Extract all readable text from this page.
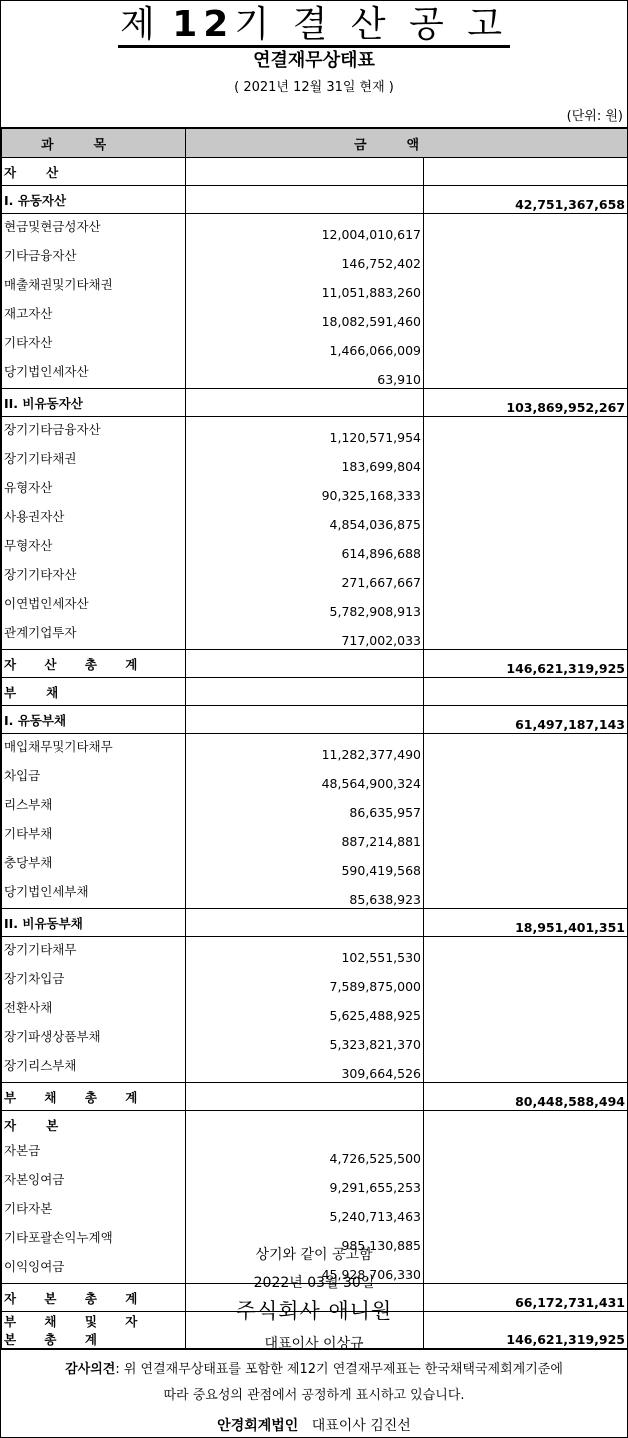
제 12기 결 산 공 고
연결재무상태표
( 2021년 12월 31일 현재 )
(단위: 원)
과목	금액	
자산		
I. 유동자산		42,751,367,658
현금및현금성자산	12,004,010,617	
기타금융자산	146,752,402	
매출채권및기타채권	11,051,883,260	
재고자산	18,082,591,460	
기타자산	1,466,066,009	
당기법인세자산	63,910	
II. 비유동자산		103,869,952,267
장기기타금융자산	1,120,571,954	
장기기타채권	183,699,804	
유형자산	90,325,168,333	
사용권자산	4,854,036,875	
무형자산	614,896,688	
장기기타자산	271,667,667	
이연법인세자산	5,782,908,913	
관계기업투자	717,002,033	
자 산 총 계		146,621,319,925
부채		
I. 유동부채		61,497,187,143
매입채무및기타채무	11,282,377,490	
차입금	48,564,900,324	
리스부채	86,635,957	
기타부채	887,214,881	
충당부채	590,419,568	
당기법인세부채	85,638,923	
II. 비유동부채		18,951,401,351
장기기타채무	102,551,530	
장기차입금	7,589,875,000	
전환사채	5,625,488,925	
장기파생상품부채	5,323,821,370	
장기리스부채	309,664,526	
부 채 총 계		80,448,588,494
자본		
자본금	4,726,525,500	
자본잉여금	9,291,655,253	
기타자본	5,240,713,463	
기타포괄손익누계액	985,130,885	
이익잉여금	45,928,706,330	
자 본 총 계		66,172,731,431
부 채 및 자 본 총 계		146,621,319,925
상기와 같이 공고함
2022년 03월 30일
주식회사 애니원
대표이사 이상규
감사의견: 위 연결재무상태표를 포함한 제12기 연결재무제표는 한국채택국제회계기준에
따라 중요성의 관점에서 공정하게 표시하고 있습니다.
안경회계법인 대표이사 김진선
